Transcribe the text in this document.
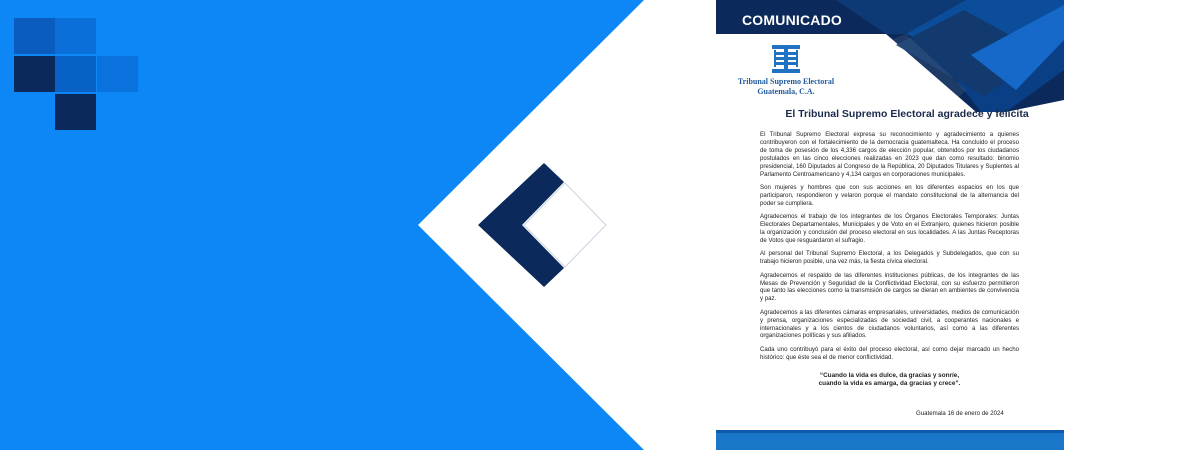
COMUNICADO
Tribunal Supremo Electoral
Guatemala, C.A.
El Tribunal Supremo Electoral agradece y felicita

El Tribunal Supremo Electoral expresa su reconocimiento y agradecimiento a quienes contribuyeron con el fortalecimiento de la democracia guatemalteca. Ha concluido el proceso de toma de posesión de los 4,336 cargos de elección popular, obtenidos por los ciudadanos postulados en las cinco elecciones realizadas en 2023 que dan como resultado: binomio presidencial, 160 Diputados al Congreso de la República, 20 Diputados Titulares y Suplentes al Parlamento Centroamericano y 4,134 cargos en corporaciones municipales.

Son mujeres y hombres que con sus acciones en los diferentes espacios en los que participaron, respondieron y velaron porque el mandato constitucional de la alternancia del poder se cumpliera.

Agradecemos el trabajo de los integrantes de los Órganos Electorales Temporales: Juntas Electorales Departamentales, Municipales y de Voto en el Extranjero, quienes hicieron posible la organización y conclusión del proceso electoral en sus localidades. A las Juntas Receptoras de Votos que resguardaron el sufragio.

Al personal del Tribunal Supremo Electoral, a los Delegados y Subdelegados, que con su trabajo hicieron posible, una vez más, la fiesta cívica electoral.

Agradecemos el respaldo de las diferentes instituciones públicas, de los integrantes de las Mesas de Prevención y Seguridad de la Conflictividad Electoral, con su esfuerzo permitieron que tanto las elecciones como la transmisión de cargos se dieran en ambientes de convivencia y paz.

Agradecemos a las diferentes cámaras empresariales, universidades, medios de comunicación y prensa, organizaciones especializadas de sociedad civil, a cooperantes nacionales e internacionales y a los cientos de ciudadanos voluntarios, así como a las diferentes organizaciones políticas y sus afiliados.

Cada uno contribuyó para el éxito del proceso electoral, así como dejar marcado un hecho histórico: que éste sea el de menor conflictividad.

“Cuando la vida es dulce, da gracias y sonríe,
cuando la vida es amarga, da gracias y crece”.
Guatemala 16 de enero de 2024
